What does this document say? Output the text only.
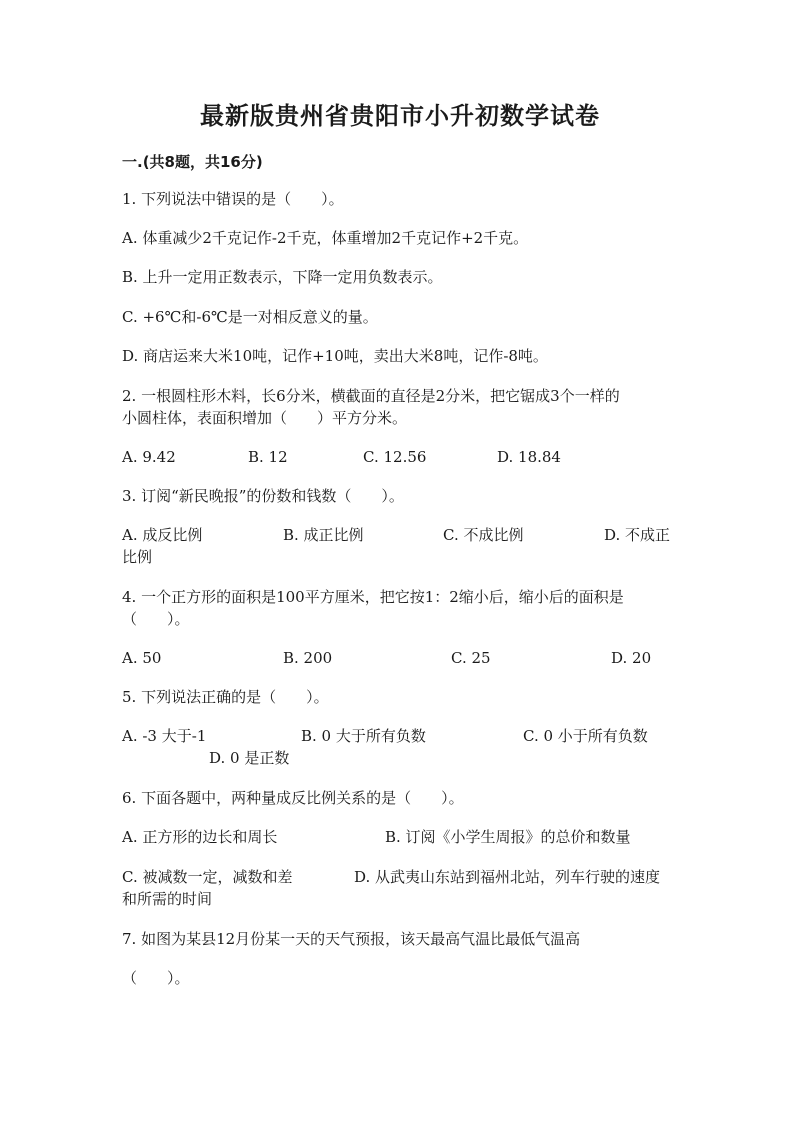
最新版贵州省贵阳市小升初数学试卷
一.(共8题，共16分)
1. 下列说法中错误的是（　　）。
A. 体重减少2千克记作-2千克，体重增加2千克记作+2千克。
B. 上升一定用正数表示，下降一定用负数表示。
C. +6℃和-6℃是一对相反意义的量。
D. 商店运来大米10吨，记作+10吨，卖出大米8吨，记作-8吨。
2. 一根圆柱形木料，长6分米，横截面的直径是2分米，把它锯成3个一样的
小圆柱体，表面积增加（　　）平方分米。
A. 9.42	B. 12	C. 12.56	D. 18.84
3. 订阅“新民晚报”的份数和钱数（　　）。
A. 成反比例	B. 成正比例	C. 不成比例	D. 不成正
比例
4. 一个正方形的面积是100平方厘米，把它按1：2缩小后，缩小后的面积是
（　　）。
A. 50	B. 200	C. 25	D. 20
5. 下列说法正确的是（　　）。
A. -3 大于-1	B. 0 大于所有负数	C. 0 小于所有负数
D. 0 是正数
6. 下面各题中，两种量成反比例关系的是（　　）。
A. 正方形的边长和周长	B. 订阅《小学生周报》的总价和数量
C. 被减数一定，减数和差	D. 从武夷山东站到福州北站，列车行驶的速度
和所需的时间
7. 如图为某县12月份某一天的天气预报，该天最高气温比最低气温高
（　　）。
